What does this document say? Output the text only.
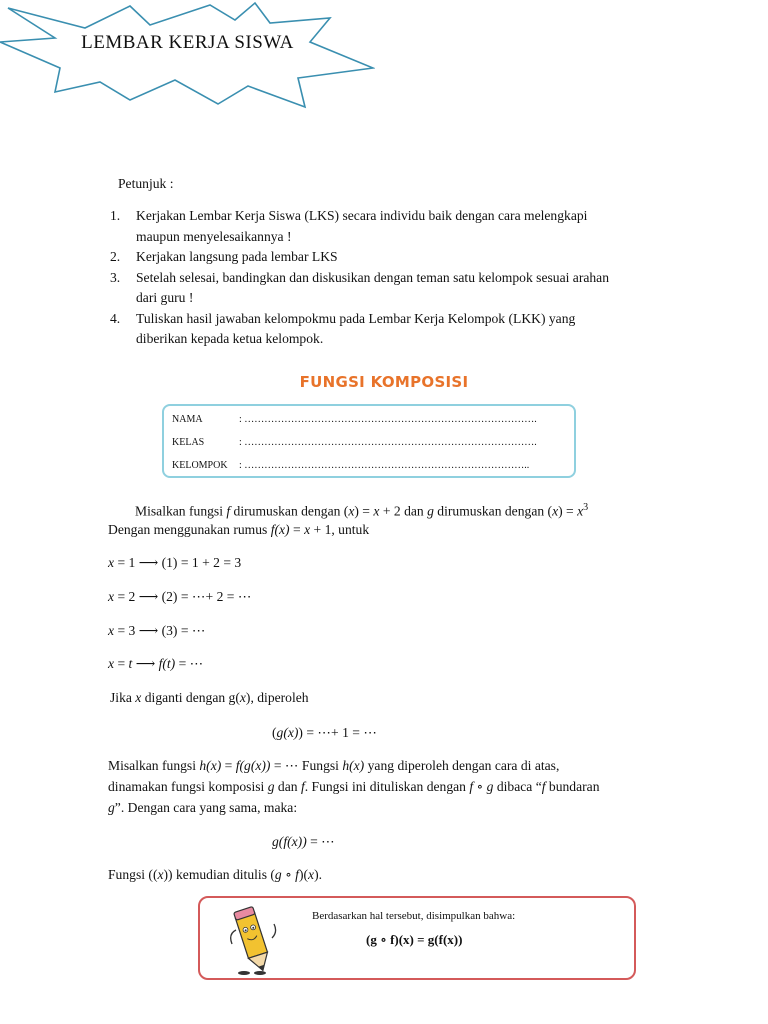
LEMBAR KERJA SISWA
Petunjuk :
1. Kerjakan Lembar Kerja Siswa (LKS) secara individu baik dengan cara melengkapi
maupun menyelesaikannya !
2. Kerjakan langsung pada lembar LKS
3. Setelah selesai, bandingkan dan diskusikan dengan teman satu kelompok sesuai arahan
dari guru !
4. Tuliskan hasil jawaban kelompokmu pada Lembar Kerja Kelompok (LKK) yang
diberikan kepada ketua kelompok.
FUNGSI KOMPOSISI
NAMA	: …………………………………………………………………………….
KELAS	: …………………………………………………………………………….
KELOMPOK : …………………………………………………………………………..
Misalkan fungsi f dirumuskan dengan (x) = x + 2 dan g dirumuskan dengan $(x) = x^3$
Dengan menggunakan rumus f(x) = x + 1, untuk
x = 1 ⟶ (1) = 1 + 2 = 3
x = 2 ⟶ (2) = ⋯+ 2 = ⋯
x = 3 ⟶ (3) = ⋯
x = t ⟶ f(t) = ⋯
Jika x diganti dengan g(x), diperoleh
(g(x)) = ⋯+ 1 = ⋯
Misalkan fungsi h(x) = f(g(x)) = ⋯ Fungsi h(x) yang diperoleh dengan cara di atas,
dinamakan fungsi komposisi g dan f. Fungsi ini dituliskan dengan f ∘ g dibaca “f bundaran
g”. Dengan cara yang sama, maka:
g(f(x)) = ⋯
Fungsi ((x)) kemudian ditulis (g ∘ f)(x).
Berdasarkan hal tersebut, disimpulkan bahwa:
(g ∘ f)(x) = g(f(x))
